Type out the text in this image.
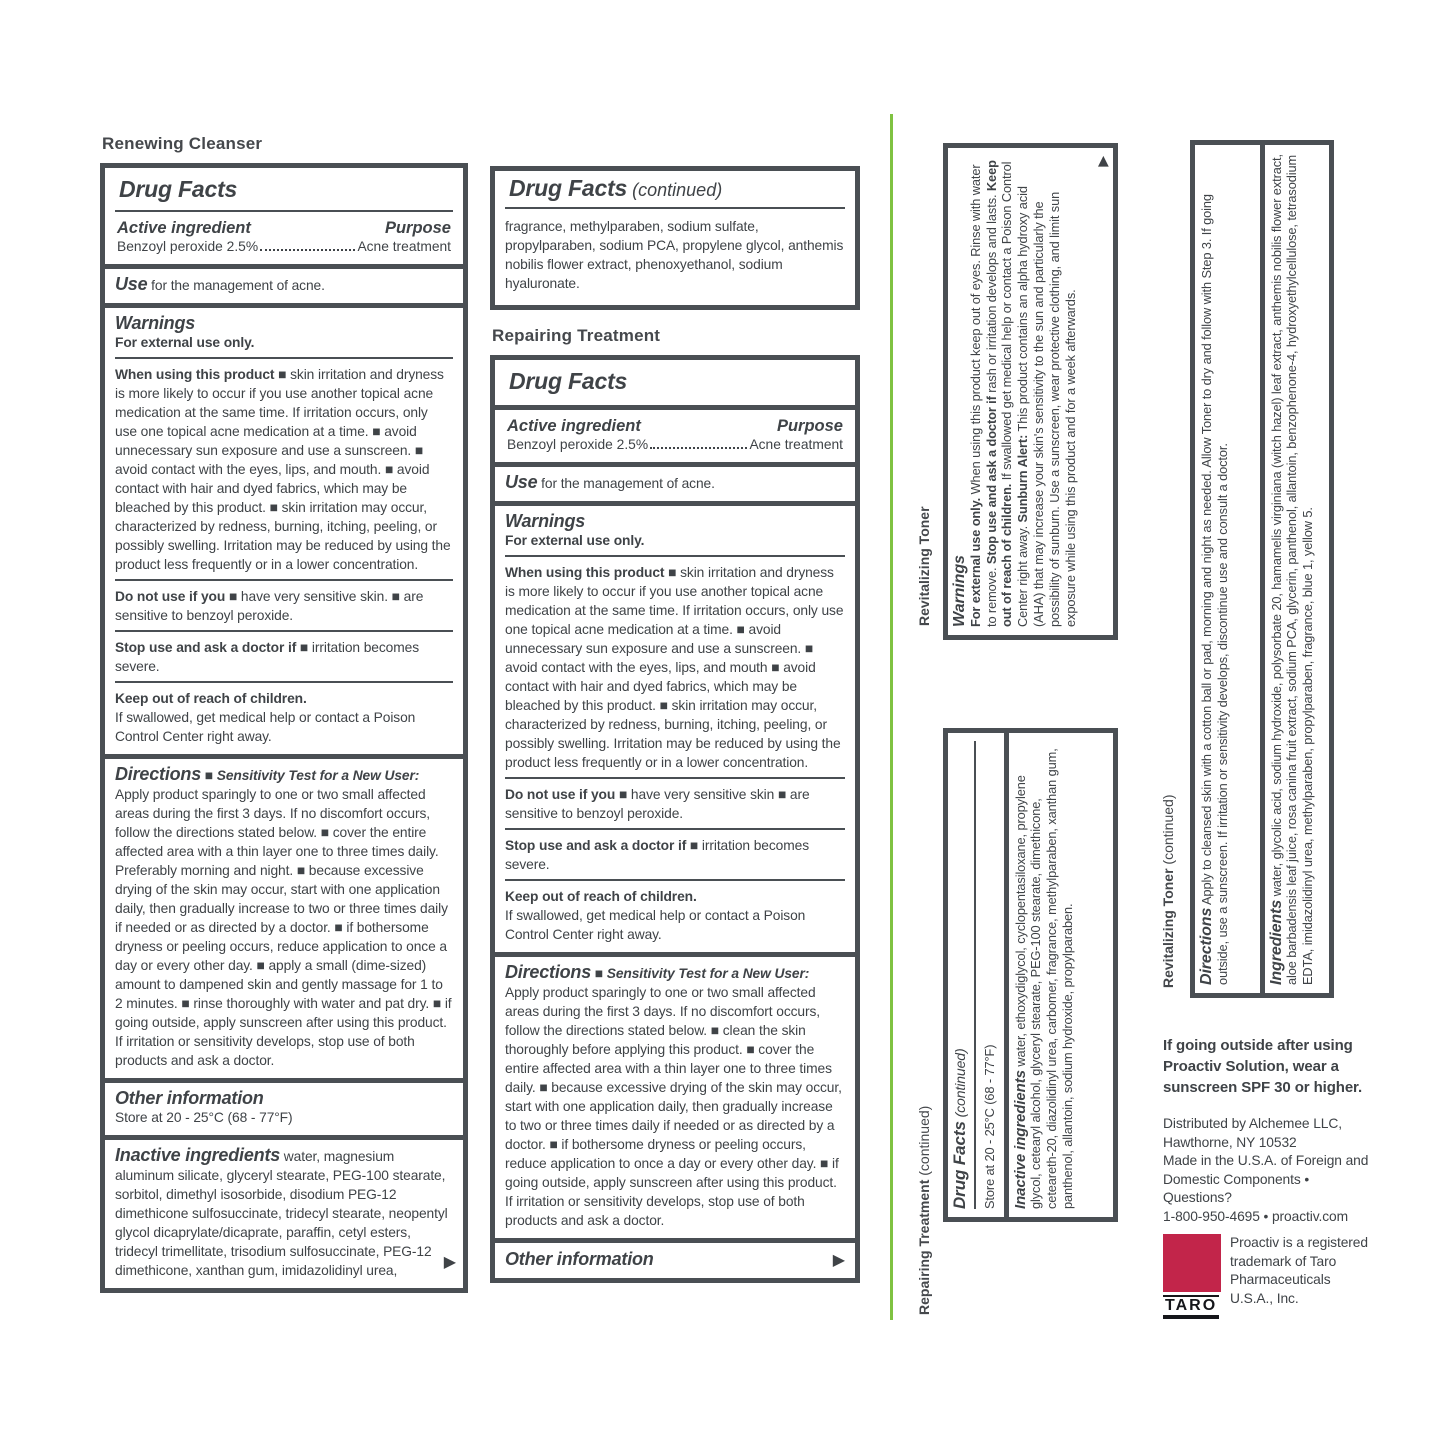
Renewing Cleanser
Drug Facts
Active ingredient	Purpose
Benzoyl peroxide 2.5%	Acne treatment
Use for the management of acne.
Warnings
For external use only.
When using this product ■ skin irritation and dryness is more likely to occur if you use another topical acne medication at the same time. If irritation occurs, only use one topical acne medication at a time. ■ avoid unnecessary sun exposure and use a sunscreen. ■ avoid contact with the eyes, lips, and mouth. ■ avoid contact with hair and dyed fabrics, which may be bleached by this product. ■ skin irritation may occur, characterized by redness, burning, itching, peeling, or possibly swelling. Irritation may be reduced by using the product less frequently or in a lower concentration.
Do not use if you ■ have very sensitive skin. ■ are sensitive to benzoyl peroxide.
Stop use and ask a doctor if ■ irritation becomes severe.
Keep out of reach of children.
If swallowed, get medical help or contact a Poison Control Center right away.
Directions ■ Sensitivity Test for a New User: Apply product sparingly to one or two small affected areas during the first 3 days. If no discomfort occurs, follow the directions stated below. ■ cover the entire affected area with a thin layer one to three times daily. Preferably morning and night. ■ because excessive drying of the skin may occur, start with one application daily, then gradually increase to two or three times daily if needed or as directed by a doctor. ■ if bothersome dryness or peeling occurs, reduce application to once a day or every other day. ■ apply a small (dime-sized) amount to dampened skin and gently massage for 1 to 2 minutes. ■ rinse thoroughly with water and pat dry. ■ if going outside, apply sunscreen after using this product. If irritation or sensitivity develops, stop use of both products and ask a doctor.
Other information
Store at 20 - 25°C (68 - 77°F)
Inactive ingredients water, magnesium aluminum silicate, glyceryl stearate, PEG-100 stearate, sorbitol, dimethyl isosorbide, disodium PEG-12 dimethicone sulfosuccinate, tridecyl stearate, neopentyl glycol dicaprylate/dicaprate, paraffin, cetyl esters, tridecyl trimellitate, trisodium sulfosuccinate, PEG-12 dimethicone, xanthan gum, imidazolidinyl urea,	▶
Drug Facts (continued)
fragrance, methylparaben, sodium sulfate, propylparaben, sodium PCA, propylene glycol, anthemis nobilis flower extract, phenoxyethanol, sodium hyaluronate.
Repairing Treatment
Drug Facts
Active ingredient	Purpose
Benzoyl peroxide 2.5%	Acne treatment
Use for the management of acne.
Warnings
For external use only.
When using this product ■ skin irritation and dryness is more likely to occur if you use another topical acne medication at the same time. If irritation occurs, only use one topical acne medication at a time. ■ avoid unnecessary sun exposure and use a sunscreen. ■ avoid contact with the eyes, lips, and mouth ■ avoid contact with hair and dyed fabrics, which may be bleached by this product. ■ skin irritation may occur, characterized by redness, burning, itching, peeling, or possibly swelling. Irritation may be reduced by using the product less frequently or in a lower concentration.
Do not use if you ■ have very sensitive skin ■ are sensitive to benzoyl peroxide.
Stop use and ask a doctor if ■ irritation becomes severe.
Keep out of reach of children.
If swallowed, get medical help or contact a Poison Control Center right away.
Directions ■ Sensitivity Test for a New User: Apply product sparingly to one or two small affected areas during the first 3 days. If no discomfort occurs, follow the directions stated below. ■ clean the skin thoroughly before applying this product. ■ cover the entire affected area with a thin layer one to three times daily. ■ because excessive drying of the skin may occur, start with one application daily, then gradually increase to two or three times daily if needed or as directed by a doctor. ■ if bothersome dryness or peeling occurs, reduce application to once a day or every other day. ■ if going outside, apply sunscreen after using this product. If irritation or sensitivity develops, stop use of both products and ask a doctor.
Other information	▶
Revitalizing Toner	Warnings For external use only. When using this product keep out of eyes. Rinse with water to remove. Stop use and ask a doctor if rash or irritation develops and lasts. Keep out of reach of children. If swallowed get medical help or contact a Poison Control Center right away. Sunburn Alert: This product contains an alpha hydroxy acid (AHA) that may increase your skin's sensitivity to the sun and particularly the possibility of sunburn. Use a sunscreen, wear protective clothing, and limit sun exposure while using this product and for a week afterwards.
▶
Repairing Treatment (continued)	Drug Facts (continued) Store at 20 - 25°C (68 - 77°F) Inactive ingredients water, ethoxydiglycol, cyclopentasiloxane, propylene glycol, cetearyl alcohol, glyceryl stearate, PEG-100 stearate, dimethicone, ceteareth-20, diazolidinyl urea, carbomer, fragrance, methylparaben, xanthan gum, panthenol, allantoin, sodium hydroxide, propylparaben.	Revitalizing Toner (continued)
Directions Apply to cleansed skin with a cotton ball or pad, morning and night as needed. Allow Toner to dry and follow with Step 3. If going outside, use a sunscreen. If irritation or sensitivity develops, discontinue use and consult a doctor.	Ingredients water, glycolic acid, sodium hydroxide, polysorbate 20, hamamelis virginiana (witch hazel) leaf extract, anthemis nobilis flower extract, aloe barbadensis leaf juice, rosa canina fruit extract, sodium PCA, glycerin, panthenol, allantoin, benzophenone-4, hydroxyethylcellulose, tetrasodium EDTA, imidazolidinyl urea, methylparaben, propylparaben, fragrance, blue 1, yellow 5.
If going outside after using Proactiv Solution, wear a sunscreen SPF 30 or higher.
Distributed by Alchemee LLC, Hawthorne, NY 10532
Made in the U.S.A. of Foreign and Domestic Components • Questions?
1-800-950-4695 • proactiv.com
TARO
Proactiv is a registered trademark of Taro Pharmaceuticals U.S.A., Inc.
